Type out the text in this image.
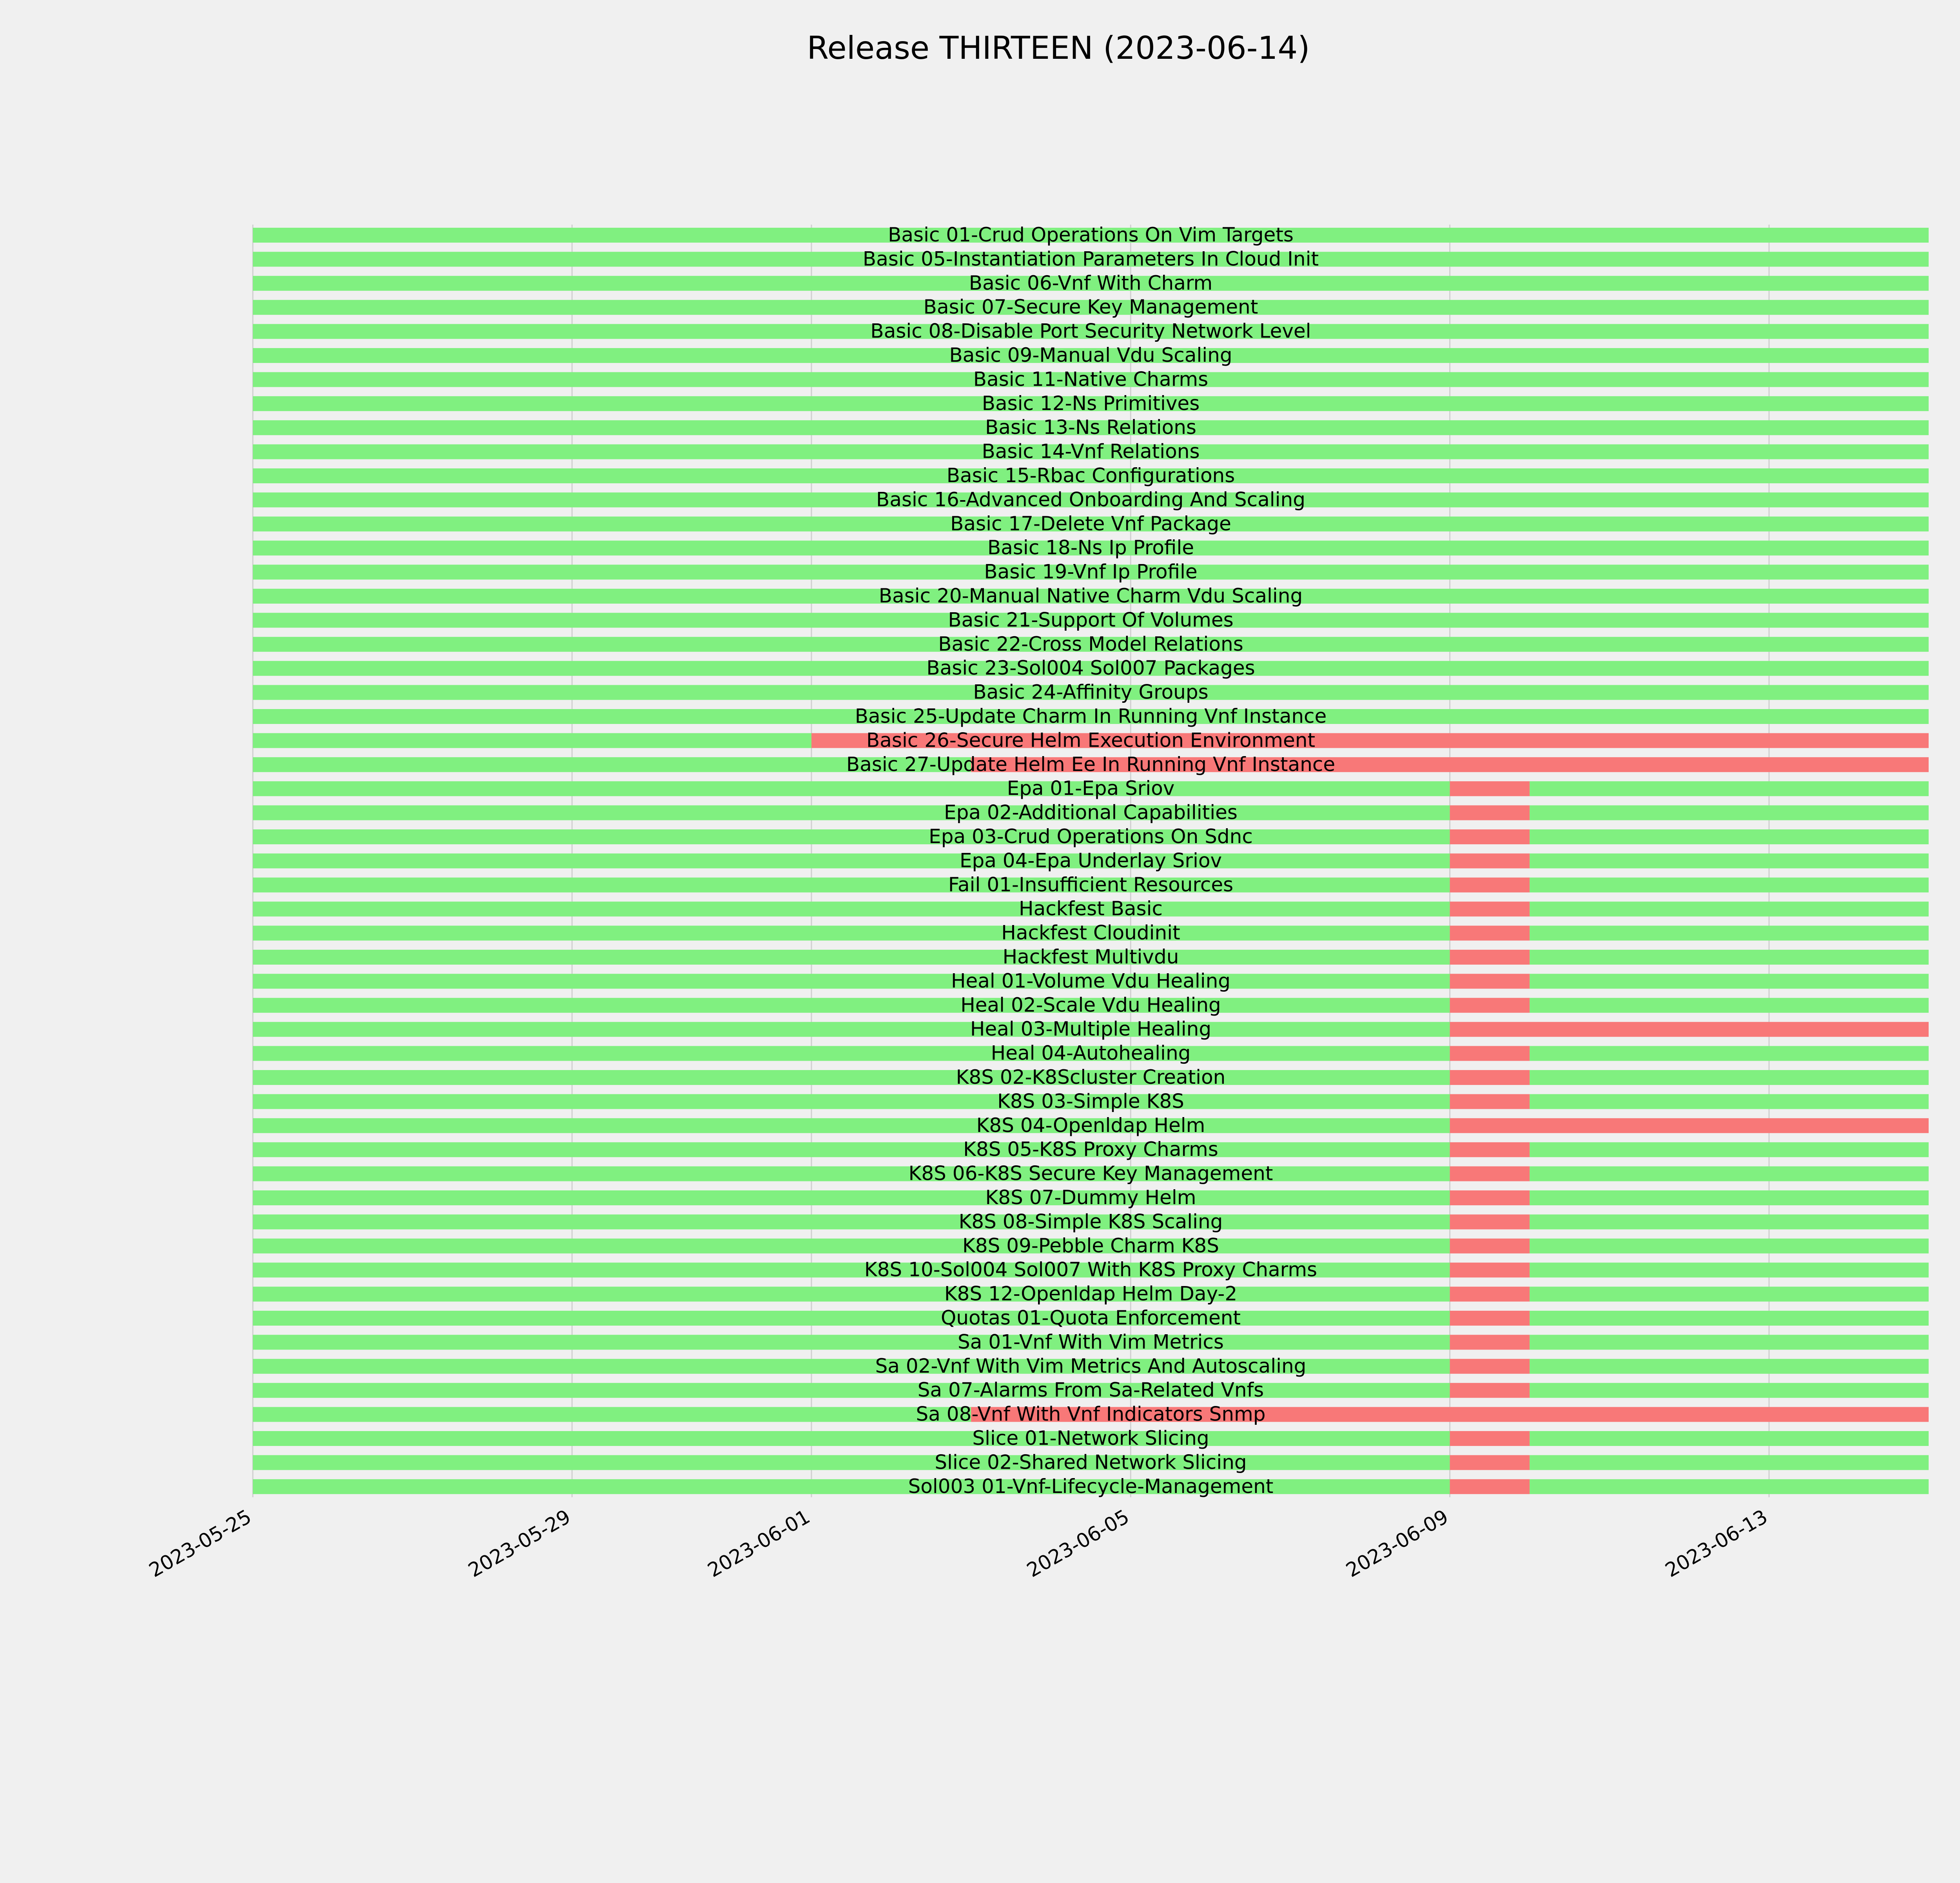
Release THIRTEEN (2023-06-14)
Basic 01-Crud Operations On Vim Targets
Basic 05-Instantiation Parameters In Cloud Init
Basic 06-Vnf With Charm
Basic 07-Secure Key Management
Basic 08-Disable Port Security Network Level
Basic 09-Manual Vdu Scaling
Basic 11-Native Charms
Basic 12-Ns Primitives
Basic 13-Ns Relations
Basic 14-Vnf Relations
Basic 15-Rbac Configurations
Basic 16-Advanced Onboarding And Scaling
Basic 17-Delete Vnf Package
Basic 18-Ns Ip Profile
Basic 19-Vnf Ip Profile
Basic 20-Manual Native Charm Vdu Scaling
Basic 21-Support Of Volumes
Basic 22-Cross Model Relations
Basic 23-Sol004 Sol007 Packages
Basic 24-Affinity Groups
Basic 25-Update Charm In Running Vnf Instance
Basic 26-Secure Helm Execution Environment
Basic 27-Update Helm Ee In Running Vnf Instance
Epa 01-Epa Sriov
Epa 02-Additional Capabilities
Epa 03-Crud Operations On Sdnc
Epa 04-Epa Underlay Sriov
Fail 01-Insufficient Resources
Hackfest Basic
Hackfest Cloudinit
Hackfest Multivdu
Heal 01-Volume Vdu Healing
Heal 02-Scale Vdu Healing
Heal 03-Multiple Healing
Heal 04-Autohealing
K8S 02-K8Scluster Creation
K8S 03-Simple K8S
K8S 04-Openldap Helm
K8S 05-K8S Proxy Charms
K8S 06-K8S Secure Key Management
K8S 07-Dummy Helm
K8S 08-Simple K8S Scaling
K8S 09-Pebble Charm K8S
K8S 10-Sol004 Sol007 With K8S Proxy Charms
K8S 12-Openldap Helm Day-2
Quotas 01-Quota Enforcement
Sa 01-Vnf With Vim Metrics
Sa 02-Vnf With Vim Metrics And Autoscaling
Sa 07-Alarms From Sa-Related Vnfs
Sa 08-Vnf With Vnf Indicators Snmp
Slice 01-Network Slicing
Slice 02-Shared Network Slicing
Sol003 01-Vnf-Lifecycle-Management
2023-05-25	2023-05-29	2023-06-01	2023-06-05	2023-06-09	2023-06-13
